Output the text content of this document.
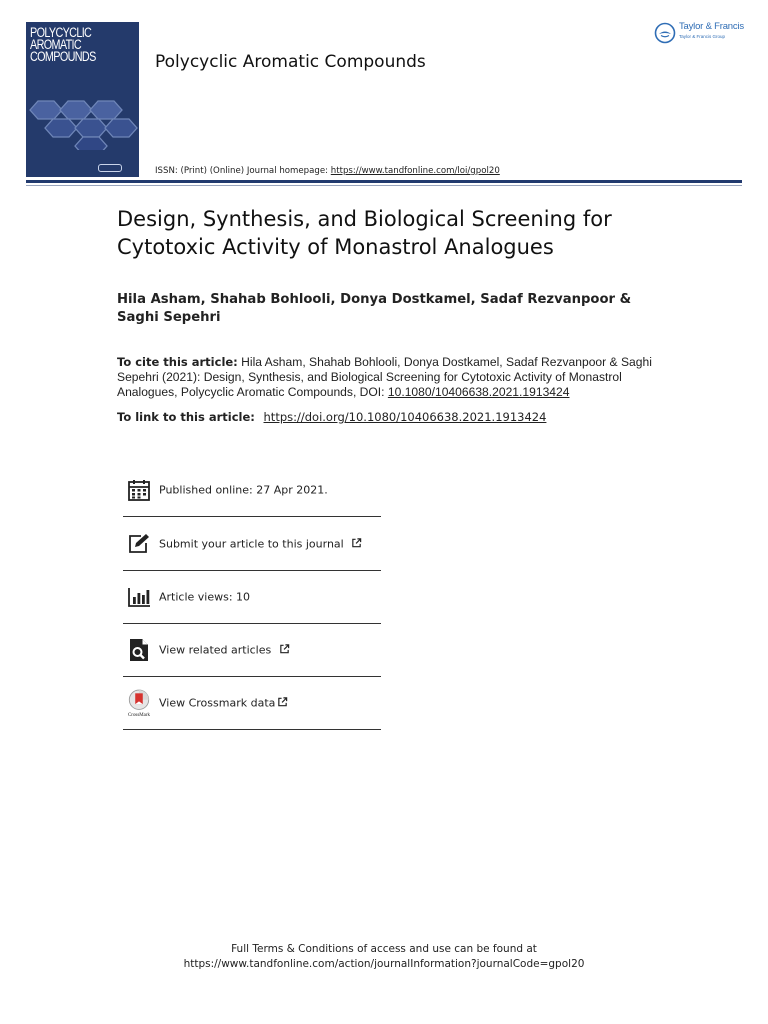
POLYCYCLIC
AROMATIC
COMPOUNDS	Polycyclic Aromatic Compounds
ISSN: (Print) (Online) Journal homepage: https://www.tandfonline.com/loi/gpol20
Taylor & Francis
Taylor & Francis Group
Design, Synthesis, and Biological Screening for Cytotoxic Activity of Monastrol Analogues
Hila Asham, Shahab Bohlooli, Donya Dostkamel, Sadaf Rezvanpoor & Saghi Sepehri
To cite this article: Hila Asham, Shahab Bohlooli, Donya Dostkamel, Sadaf Rezvanpoor & Saghi Sepehri (2021): Design, Synthesis, and Biological Screening for Cytotoxic Activity of Monastrol Analogues, Polycyclic Aromatic Compounds, DOI: 10.1080/10406638.2021.1913424
To link to this article: https://doi.org/10.1080/10406638.2021.1913424
Published online: 27 Apr 2021.
Submit your article to this journal
Article views: 10
View related articles
CrossMark
View Crossmark data
Full Terms & Conditions of access and use can be found at
https://www.tandfonline.com/action/journalInformation?journalCode=gpol20
